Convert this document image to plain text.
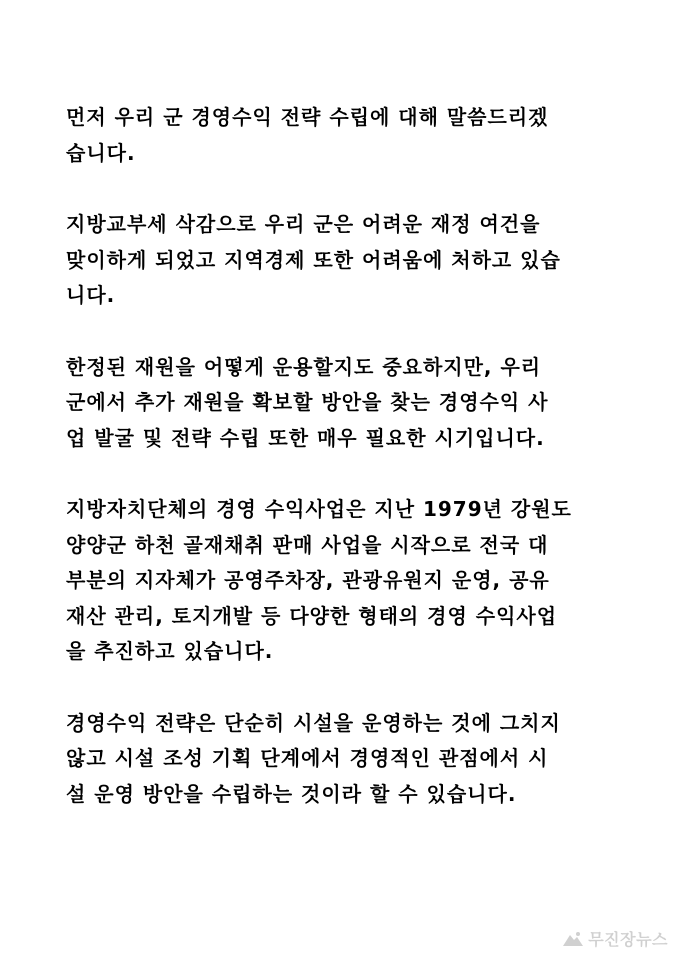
먼저 우리 군 경영수익 전략 수립에 대해 말씀드리겠
습니다.

지방교부세 삭감으로 우리 군은 어려운 재정 여건을
맞이하게 되었고 지역경제 또한 어려움에 처하고 있습
니다.

한정된 재원을 어떻게 운용할지도 중요하지만, 우리
군에서 추가 재원을 확보할 방안을 찾는 경영수익 사
업 발굴 및 전략 수립 또한 매우 필요한 시기입니다.

지방자치단체의 경영 수익사업은 지난 1979년 강원도
양양군 하천 골재채취 판매 사업을 시작으로 전국 대
부분의 지자체가 공영주차장, 관광유원지 운영, 공유
재산 관리, 토지개발 등 다양한 형태의 경영 수익사업
을 추진하고 있습니다.

경영수익 전략은 단순히 시설을 운영하는 것에 그치지
않고 시설 조성 기획 단계에서 경영적인 관점에서 시
설 운영 방안을 수립하는 것이라 할 수 있습니다.

무진장뉴스
